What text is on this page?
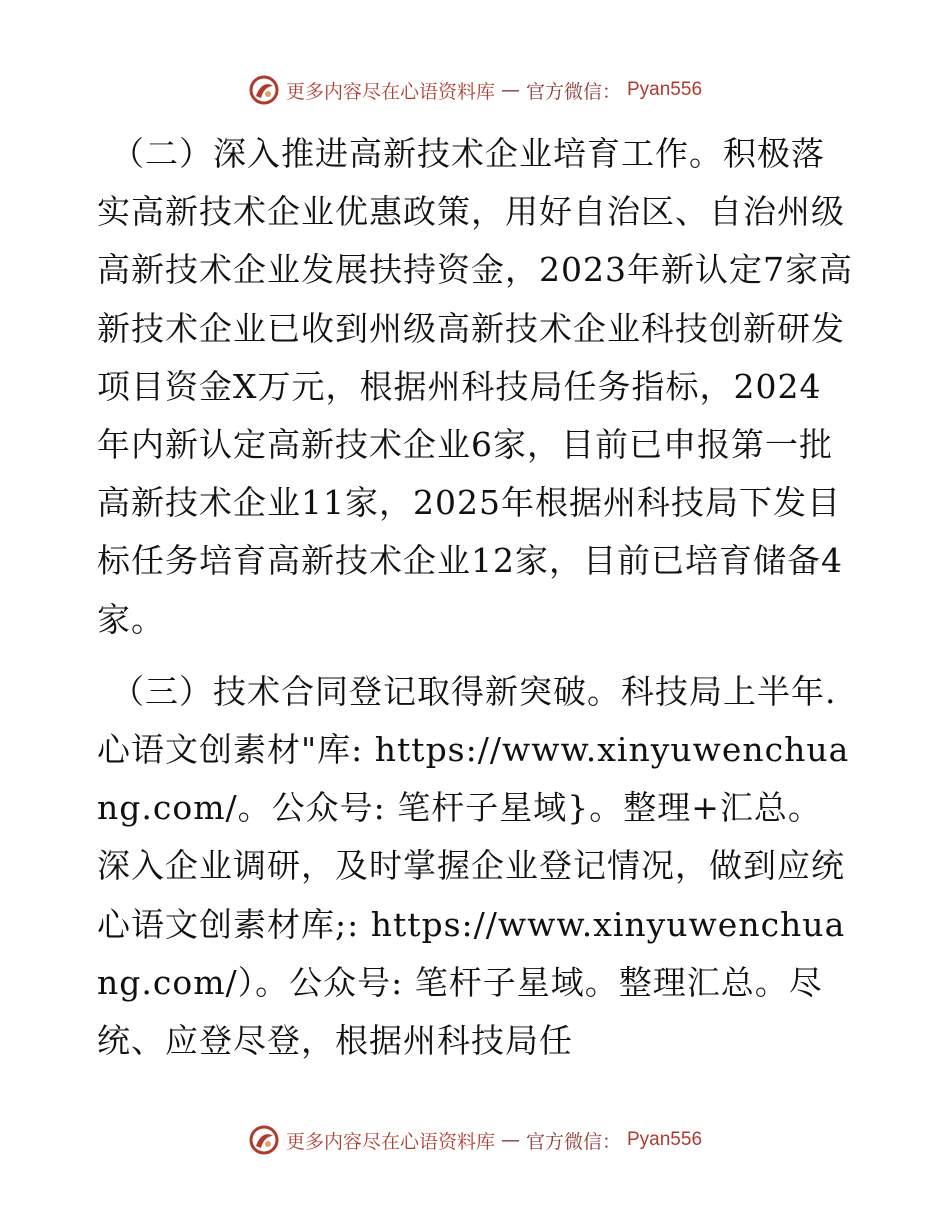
更多内容尽在心语资料库 — 官方微信： Pyan556

（二）深入推进高新技术企业培育工作。积极落实高新技术企业优惠政策，用好自治区、自治州级高新技术企业发展扶持资金，2023年新认定7家高新技术企业已收到州级高新技术企业科技创新研发项目资金X万元，根据州科技局任务指标，2024年内新认定高新技术企业6家，目前已申报第一批高新技术企业11家，2025年根据州科技局下发目标任务培育高新技术企业12家，目前已培育储备4家。

（三）技术合同登记取得新突破。科技局上半年.心语文创素材"库: https://www.xinyuwenchuang.com/。公众号: 笔杆子星域}。整理+汇总。深入企业调研，及时掌握企业登记情况，做到应统心语文创素材库;: https://www.xinyuwenchuang.com/）。公众号: 笔杆子星域。整理汇总。尽统、应登尽登，根据州科技局任

更多内容尽在心语资料库 — 官方微信： Pyan556
